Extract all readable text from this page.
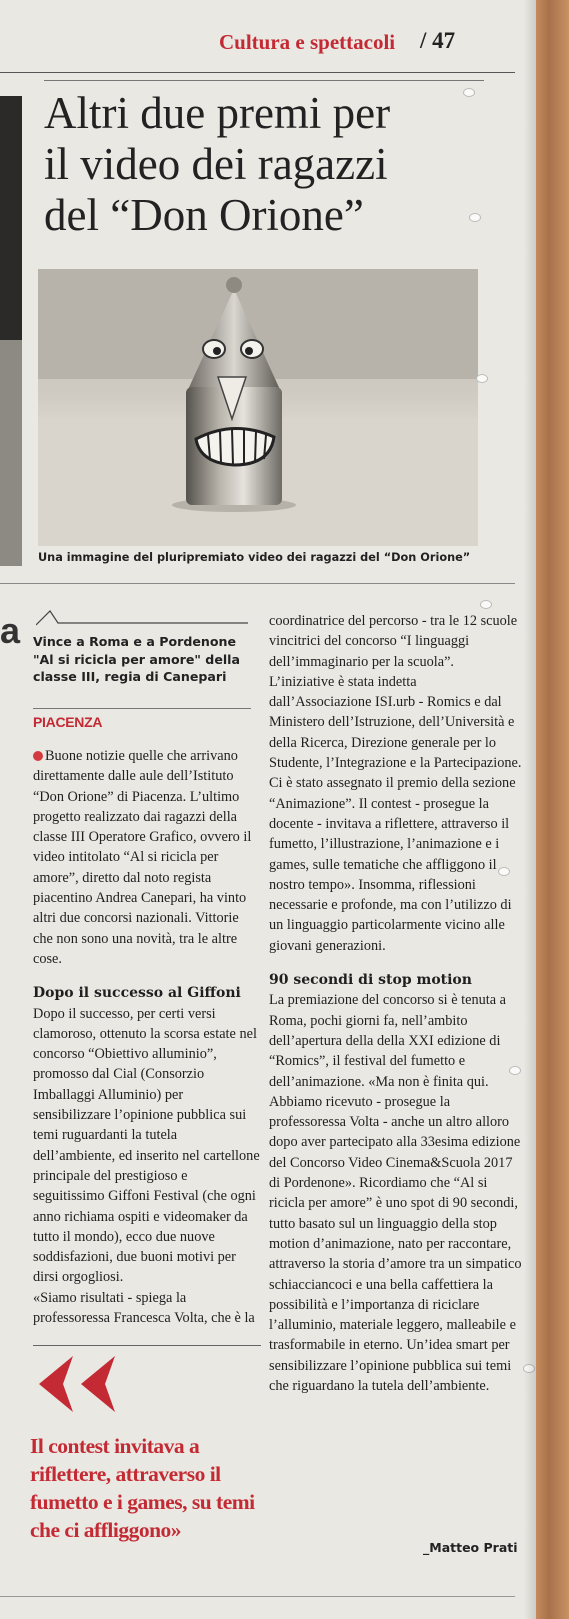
Cultura e spettacoli / 47
Altri due premi per
il video dei ragazzi
del “Don Orione”
Una immagine del pluripremiato video dei ragazzi del “Don Orione”
a Vince a Roma e a Pordenone "Al si ricicla per amore" della classe III, regia di Canepari
PIACENZA

Buone notizie quelle che arrivano direttamente dalle aule dell’Istituto “Don Orione” di Piacenza. L’ultimo progetto realizzato dai ragazzi della classe III Operatore Grafico, ovvero il video intitolato “Al si ricicla per amore”, diretto dal noto regista piacentino Andrea Canepari, ha vinto altri due concorsi nazionali. Vittorie che non sono una novità, tra le altre cose.

Dopo il successo al Giffoni

Dopo il successo, per certi versi clamoroso, ottenuto la scorsa estate nel concorso “Obiettivo alluminio”, promosso dal Cial (Consorzio Imballaggi Alluminio) per sensibilizzare l’opinione pubblica sui temi ruguardanti la tutela dell’ambiente, ed inserito nel cartellone principale del prestigioso e seguitissimo Giffoni Festival (che ogni anno richiama ospiti e videomaker da tutto il mondo), ecco due nuove soddisfazioni, due buoni motivi per dirsi orgogliosi.

«Siamo risultati - spiega la professoressa Francesca Volta, che è la

Il contest invitava a riflettere, attraverso il fumetto e i games, su temi che ci affliggono»

coordinatrice del percorso - tra le 12 scuole vincitrici del concorso “I linguaggi dell’immaginario per la scuola”. L’iniziative è stata indetta dall’Associazione ISI.urb - Romics e dal Ministero dell’Istruzione, dell’Università e della Ricerca, Direzione generale per lo Studente, l’Integrazione e la Partecipazione. Ci è stato assegnato il premio della sezione “Animazione”. Il contest - prosegue la docente - invitava a riflettere, attraverso il fumetto, l’illustrazione, l’animazione e i games, sulle tematiche che affliggono il nostro tempo». Insomma, riflessioni necessarie e profonde, ma con l’utilizzo di un linguaggio particolarmente vicino alle giovani generazioni.

90 secondi di stop motion

La premiazione del concorso si è tenuta a Roma, pochi giorni fa, nell’ambito dell’apertura della della XXI edizione di “Romics”, il festival del fumetto e dell’animazione. «Ma non è finita qui. Abbiamo ricevuto - prosegue la professoressa Volta - anche un altro alloro dopo aver partecipato alla 33esima edizione del Concorso Video Cinema&Scuola 2017 di Pordenone». Ricordiamo che “Al si ricicla per amore” è uno spot di 90 secondi, tutto basato sul un linguaggio della stop motion d’animazione, nato per raccontare, attraverso la storia d’amore tra un simpatico schiacciancoci e una bella caffettiera la possibilità e l’importanza di riciclare l’alluminio, materiale leggero, malleabile e trasformabile in eterno. Un’idea smart per sensibilizzare l’opinione pubblica sui temi che riguardano la tutela dell’ambiente.

_Matteo Prati
